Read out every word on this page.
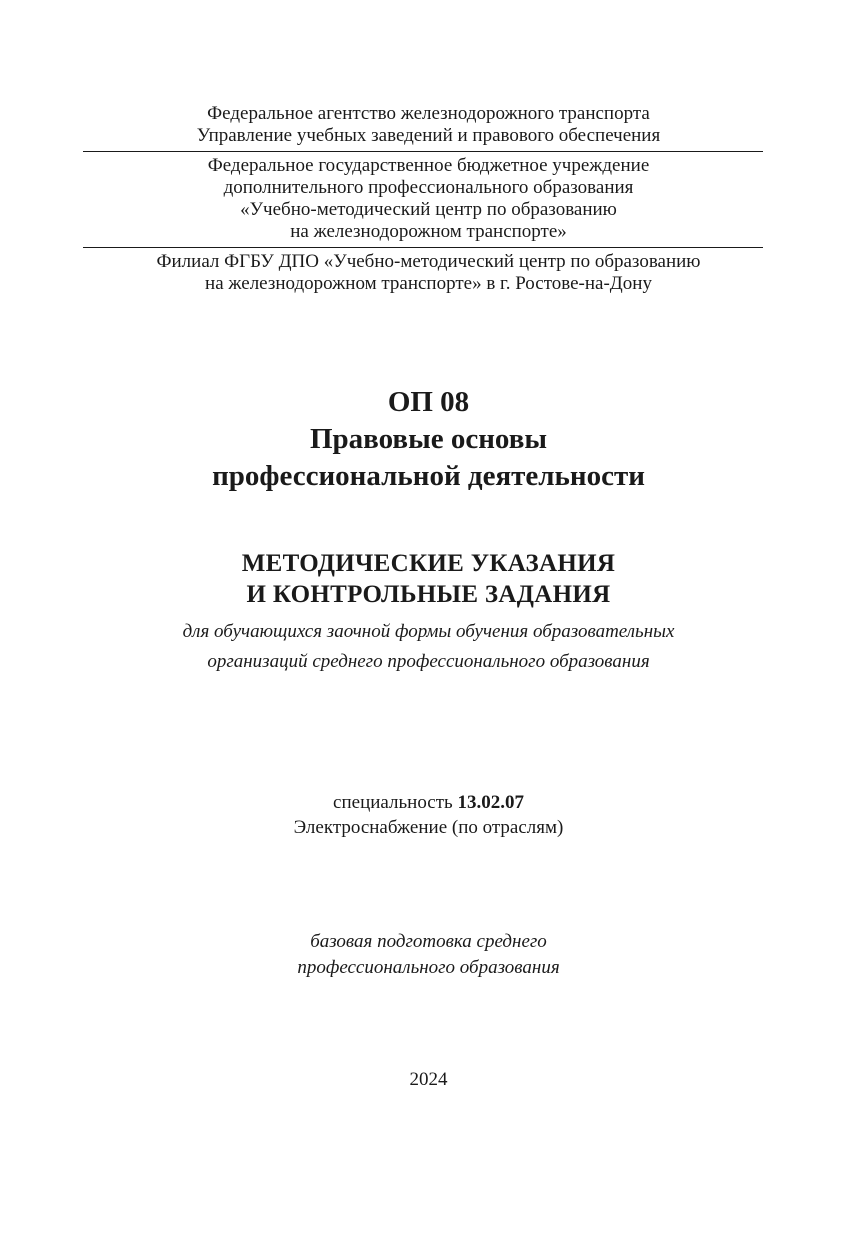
Федеральное агентство железнодорожного транспорта
Управление учебных заведений и правового обеспечения
Федеральное государственное бюджетное учреждение
дополнительного профессионального образования
«Учебно-методический центр по образованию
на железнодорожном транспорте»
Филиал ФГБУ ДПО «Учебно-методический центр по образованию
на железнодорожном транспорте» в г. Ростове-на-Дону
ОП 08
Правовые основы
профессиональной деятельности
МЕТОДИЧЕСКИЕ УКАЗАНИЯ
И КОНТРОЛЬНЫЕ ЗАДАНИЯ
для обучающихся заочной формы обучения образовательных
организаций среднего профессионального образования
специальность 13.02.07
Электроснабжение (по отраслям)
базовая подготовка среднего
профессионального образования
2024
